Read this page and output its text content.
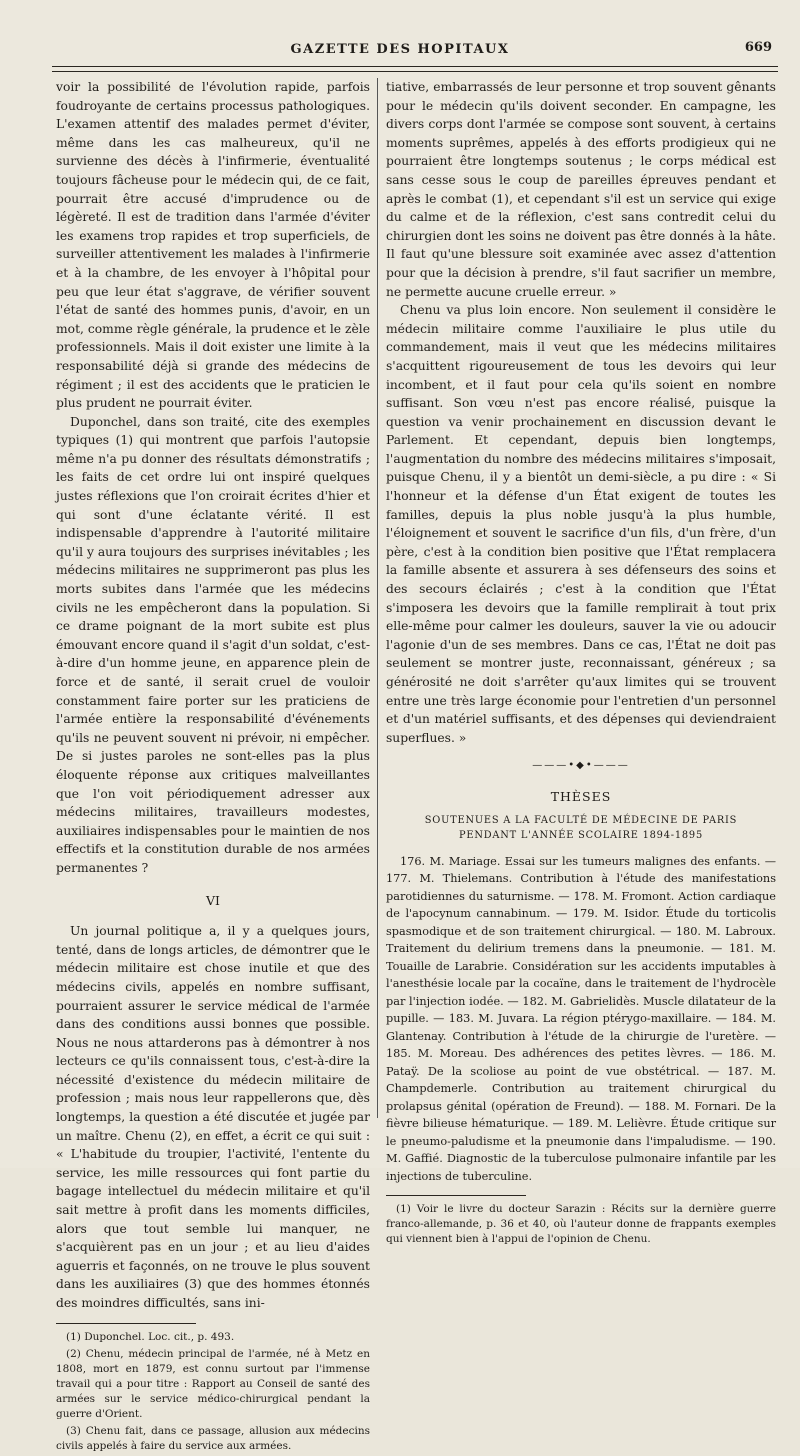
GAZETTE DES HOPITAUX	669

voir la possibilité de l'évolution rapide, parfois foudroyante de certains processus pathologiques. L'examen attentif des malades permet d'éviter, même dans les cas malheureux, qu'il ne survienne des décès à l'infirmerie, éventualité toujours fâcheuse pour le médecin qui, de ce fait, pourrait être accusé d'imprudence ou de légèreté. Il est de tradition dans l'armée d'éviter les examens trop rapides et trop superficiels, de surveiller attentivement les malades à l'infirmerie et à la chambre, de les envoyer à l'hôpital pour peu que leur état s'aggrave, de vérifier souvent l'état de santé des hommes punis, d'avoir, en un mot, comme règle générale, la prudence et le zèle professionnels. Mais il doit exister une limite à la responsabilité déjà si grande des médecins de régiment ; il est des accidents que le praticien le plus prudent ne pourrait éviter.

Duponchel, dans son traité, cite des exemples typiques (1) qui montrent que parfois l'autopsie même n'a pu donner des résultats démonstratifs ; les faits de cet ordre lui ont inspiré quelques justes réflexions que l'on croirait écrites d'hier et qui sont d'une éclatante vérité. Il est indispensable d'apprendre à l'autorité militaire qu'il y aura toujours des surprises inévitables ; les médecins militaires ne supprimeront pas plus les morts subites dans l'armée que les médecins civils ne les empêcheront dans la population. Si ce drame poignant de la mort subite est plus émouvant encore quand il s'agit d'un soldat, c'est-à-dire d'un homme jeune, en apparence plein de force et de santé, il serait cruel de vouloir constamment faire porter sur les praticiens de l'armée entière la responsabilité d'événements qu'ils ne peuvent souvent ni prévoir, ni empêcher. De si justes paroles ne sont-elles pas la plus éloquente réponse aux critiques malveillantes que l'on voit périodiquement adresser aux médecins militaires, travailleurs modestes, auxiliaires indispensables pour le maintien de nos effectifs et la constitution durable de nos armées permanentes ?

VI

Un journal politique a, il y a quelques jours, tenté, dans de longs articles, de démontrer que le médecin militaire est chose inutile et que des médecins civils, appelés en nombre suffisant, pourraient assurer le service médical de l'armée dans des conditions aussi bonnes que possible. Nous ne nous attarderons pas à démontrer à nos lecteurs ce qu'ils connaissent tous, c'est-à-dire la nécessité d'existence du médecin militaire de profession ; mais nous leur rappellerons que, dès longtemps, la question a été discutée et jugée par un maître. Chenu (2), en effet, a écrit ce qui suit : « L'habitude du troupier, l'activité, l'entente du service, les mille ressources qui font partie du bagage intellectuel du médecin militaire et qu'il sait mettre à profit dans les moments difficiles, alors que tout semble lui manquer, ne s'acquièrent pas en un jour ; et au lieu d'aides aguerris et façonnés, on ne trouve le plus souvent dans les auxiliaires (3) que des hommes étonnés des moindres difficultés, sans ini-

(1) Duponchel. Loc. cit., p. 493.

(2) Chenu, médecin principal de l'armée, né à Metz en 1808, mort en 1879, est connu surtout par l'immense travail qui a pour titre : Rapport au Conseil de santé des armées sur le service médico-chirurgical pendant la guerre d'Orient.

(3) Chenu fait, dans ce passage, allusion aux médecins civils appelés à faire du service aux armées.

tiative, embarrassés de leur personne et trop souvent gênants pour le médecin qu'ils doivent seconder. En campagne, les divers corps dont l'armée se compose sont souvent, à certains moments suprêmes, appelés à des efforts prodigieux qui ne pourraient être longtemps soutenus ; le corps médical est sans cesse sous le coup de pareilles épreuves pendant et après le combat (1), et cependant s'il est un service qui exige du calme et de la réflexion, c'est sans contredit celui du chirurgien dont les soins ne doivent pas être donnés à la hâte. Il faut qu'une blessure soit examinée avec assez d'attention pour que la décision à prendre, s'il faut sacrifier un membre, ne permette aucune cruelle erreur. »

Chenu va plus loin encore. Non seulement il considère le médecin militaire comme l'auxiliaire le plus utile du commandement, mais il veut que les médecins militaires s'acquittent rigoureusement de tous les devoirs qui leur incombent, et il faut pour cela qu'ils soient en nombre suffisant. Son vœu n'est pas encore réalisé, puisque la question va venir prochainement en discussion devant le Parlement. Et cependant, depuis bien longtemps, l'augmentation du nombre des médecins militaires s'imposait, puisque Chenu, il y a bientôt un demi-siècle, a pu dire : « Si l'honneur et la défense d'un État exigent de toutes les familles, depuis la plus noble jusqu'à la plus humble, l'éloignement et souvent le sacrifice d'un fils, d'un frère, d'un père, c'est à la condition bien positive que l'État remplacera la famille absente et assurera à ses défenseurs des soins et des secours éclairés ; c'est à la condition que l'État s'imposera les devoirs que la famille remplirait à tout prix elle-même pour calmer les douleurs, sauver la vie ou adoucir l'agonie d'un de ses membres. Dans ce cas, l'État ne doit pas seulement se montrer juste, reconnaissant, généreux ; sa générosité ne doit s'arrêter qu'aux limites qui se trouvent entre une très large économie pour l'entretien d'un personnel et d'un matériel suffisants, et des dépenses qui deviendraient superflues. »

———•◆•———
THÈSES
SOUTENUES A LA FACULTÉ DE MÉDECINE DE PARIS
PENDANT L'ANNÉE SCOLAIRE 1894-1895

176. M. Mariage. Essai sur les tumeurs malignes des enfants. — 177. M. Thielemans. Contribution à l'étude des manifestations parotidiennes du saturnisme. — 178. M. Fromont. Action cardiaque de l'apocynum cannabinum. — 179. M. Isidor. Étude du torticolis spasmodique et de son traitement chirurgical. — 180. M. Labroux. Traitement du delirium tremens dans la pneumonie. — 181. M. Touaille de Larabrie. Considération sur les accidents imputables à l'anesthésie locale par la cocaïne, dans le traitement de l'hydrocèle par l'injection iodée. — 182. M. Gabrielidès. Muscle dilatateur de la pupille. — 183. M. Juvara. La région ptérygo-maxillaire. — 184. M. Glantenay. Contribution à l'étude de la chirurgie de l'uretère. — 185. M. Moreau. Des adhérences des petites lèvres. — 186. M. Pataÿ. De la scoliose au point de vue obstétrical. — 187. M. Champdemerle. Contribution au traitement chirurgical du prolapsus génital (opération de Freund). — 188. M. Fornari. De la fièvre bilieuse hématurique. — 189. M. Lelièvre. Étude critique sur le pneumo-paludisme et la pneumonie dans l'impaludisme. — 190. M. Gaffié. Diagnostic de la tuberculose pulmonaire infantile par les injections de tuberculine.

(1) Voir le livre du docteur Sarazin : Récits sur la dernière guerre franco-allemande, p. 36 et 40, où l'auteur donne de frappants exemples qui viennent bien à l'appui de l'opinion de Chenu.
